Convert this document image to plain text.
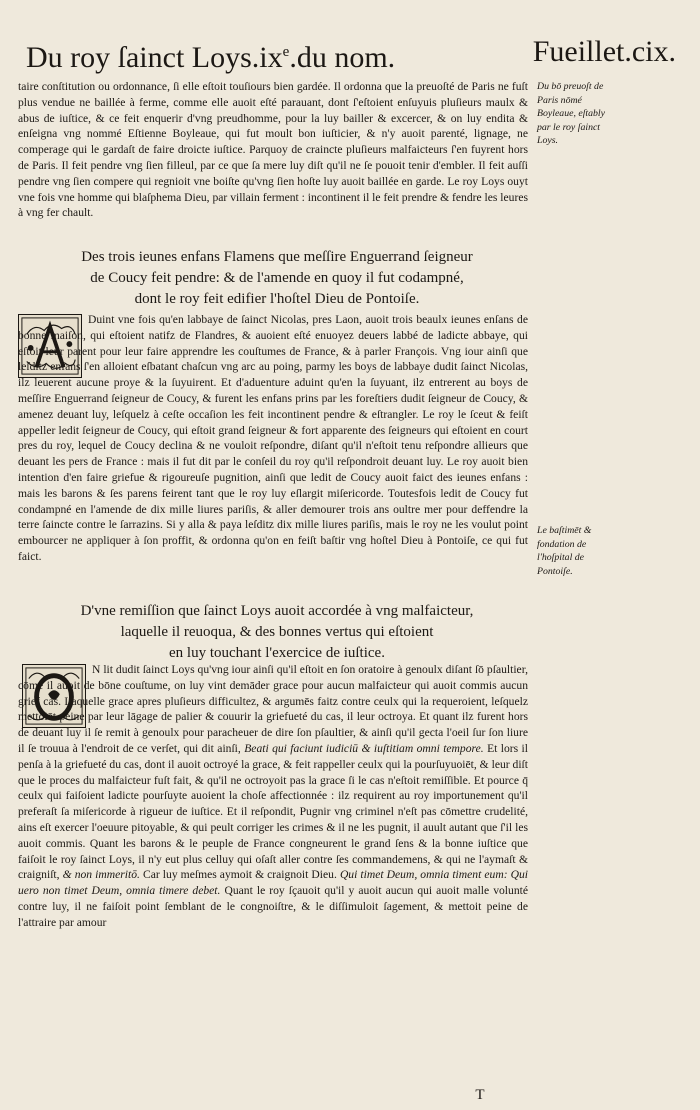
Du roy ſainct $Loys.ix^e.du$ nom.	Fueillet.cix.

taire conſtitution ou ordonnance, ſi elle eſtoit touſiours bien gardée. Il ordonna que la preuoſté de Paris ne fuſt plus vendue ne baillée à ferme, comme elle auoit eſté parauant, dont ſ'eſtoient enſuyuis pluſieurs maulx & abus de iuſtice, & ce feit enquerir d'vng preudhomme, pour la luy bailler & excercer, & on luy endita & enſeigna vng nommé Eſtienne Boyleaue, qui fut moult bon iuſticier, & n'y auoit parenté, lignage, ne comperage qui le gardaſt de faire droicte iuſtice. Parquoy de craincte pluſieurs malfaicteurs ſ'en fuyrent hors de Paris. Il feit pendre vng ſien filleul, par ce que ſa mere luy diſt qu'il ne ſe pouoit tenir d'embler. Il feit auſſi pendre vng ſien compere qui regnioit vne boiſte qu'vng ſien hoſte luy auoit baillée en garde. Le roy Loys ouyt vne fois vne homme qui blaſphema Dieu, par villain ferment : incontinent il le feit prendre & fendre les leures à vng fer chault.

Du bō preuoſt de Paris nōmé Boyleaue, eſtably par le roy ſainct Loys.

Des trois ieunes enfans Flamens que meſſire Enguerrand ſeigneur
de Coucy feit pendre: & de l'amende en quoy il fut codampné,
dont le roy feit edifier l'hoſtel Dieu de Pontoiſe.

Duint vne fois qu'en labbaye de ſainct Nicolas, pres Laon, auoit trois beaulx ieunes enſans de bonne maiſon, qui eſtoient natifz de Flandres, & auoient eſté enuoyez deuers labbé de ladicte abbaye, qui eſtoit leur parent pour leur faire apprendre les couſtumes de France, & à parler François. Vng iour ainſi que leſditz enfans ſ'en alloient eſbatant chaſcun vng arc au poing, parmy les boys de labbaye dudit ſainct Nicolas, ilz leuerent aucune proye & la ſuyuirent. Et d'aduenture aduint qu'en la ſuyuant, ilz entrerent au boys de meſſire Enguerrand ſeigneur de Coucy, & furent les enfans prins par les foreſtiers dudit ſeigneur de Coucy, & amenez deuant luy, leſquelz à ceſte occaſion les feit incontinent pendre & eſtrangler. Le roy le ſceut & feiſt appeller ledit ſeigneur de Coucy, qui eſtoit grand ſeigneur & fort apparente des ſeigneurs qui eſtoient en court pres du roy, lequel de Coucy declina & ne vouloit reſpondre, diſant qu'il n'eſtoit tenu reſpondre allieurs que deuant les pers de France : mais il fut dit par le conſeil du roy qu'il reſpondroit deuant luy. Le roy auoit bien intention d'en faire griefue & rigoureuſe pugnition, ainſi que ledit de Coucy auoit faict des ieunes enfans : mais les barons & ſes parens feirent tant que le roy luy eſlargit miſericorde. Toutesfois ledit de Coucy fut condampné en l'amende de dix mille liures pariſis, & aller demourer trois ans oultre mer pour deffendre la terre ſaincte contre le ſarrazins. Si y alla & paya leſditz dix mille liures pariſis, mais le roy ne les voulut point embourcer ne appliquer à ſon proffit, & ordonna qu'on en feiſt baſtir vng hoſtel Dieu à Pontoiſe, ce qui fut faict.

Le baſtimēt & fondation de l'hoſpital de Pontoiſe.

D'vne remiſſion que ſainct Loys auoit accordée à vng malfaicteur,
laquelle il reuoqua, & des bonnes vertus qui eſtoient
en luy touchant l'exercice de iuſtice.

N lit dudit ſainct Loys qu'vng iour ainſi qu'il eſtoit en ſon oratoire à genoulx diſant ſō pſaultier, cōme il auoit de bōne couſtume, on luy vint demāder grace pour aucun malfaicteur qui auoit commis aucun grief cas. Laquelle grace apres pluſieurs difficultez, & argumēs faitz contre ceulx qui la requeroient, leſquelz mettoiēt peine par leur lāgage de palier & couurir la griefueté du cas, il leur octroya. Et quant ilz furent hors de deuant luy il ſe remit à genoulx pour paracheuer de dire ſon pſaultier, & ainſi qu'il gecta l'oeil ſur ſon liure il ſe trouua à l'endroit de ce verſet, qui dit ainſi, Beati qui faciunt iudiciū & iuſtitiam omni tempore. Et lors il penſa à la griefueté du cas, dont il auoit octroyé la grace, & feit rappeller ceulx qui la pourſuyuoiēt, & leur diſt que le proces du malfaicteur fuſt fait, & qu'il ne octroyoit pas la grace ſi le cas n'eſtoit remiſſible. Et pource q̄ ceulx qui faiſoient ladicte pourſuyte auoient la choſe affectionnée : ilz requirent au roy importunement qu'il preferaſt ſa miſericorde à rigueur de iuſtice. Et il reſpondit, Pugnir vng criminel n'eſt pas cōmettre crudelité, ains eſt exercer l'oeuure pitoyable, & qui peult corriger les crimes & il ne les pugnit, il auult autant que ſ'il les auoit commis. Quant les barons & le peuple de France congneurent le grand ſens & la bonne iuſtice que faiſoit le roy ſainct Loys, il n'y eut plus celluy qui oſaſt aller contre ſes commandemens, & qui ne l'aymaſt & craigniſt, & non immeritō. Car luy meſmes aymoit & craignoit Dieu. Qui timet Deum, omnia timent eum: Qui uero non timet Deum, omnia timere debet. Quant le roy ſçauoit qu'il y auoit aucun qui auoit malle volunté contre luy, il ne faiſoit point ſemblant de le congnoiſtre, & le diſſimuloit ſagement, & mettoit peine de l'attraire par amour

T
